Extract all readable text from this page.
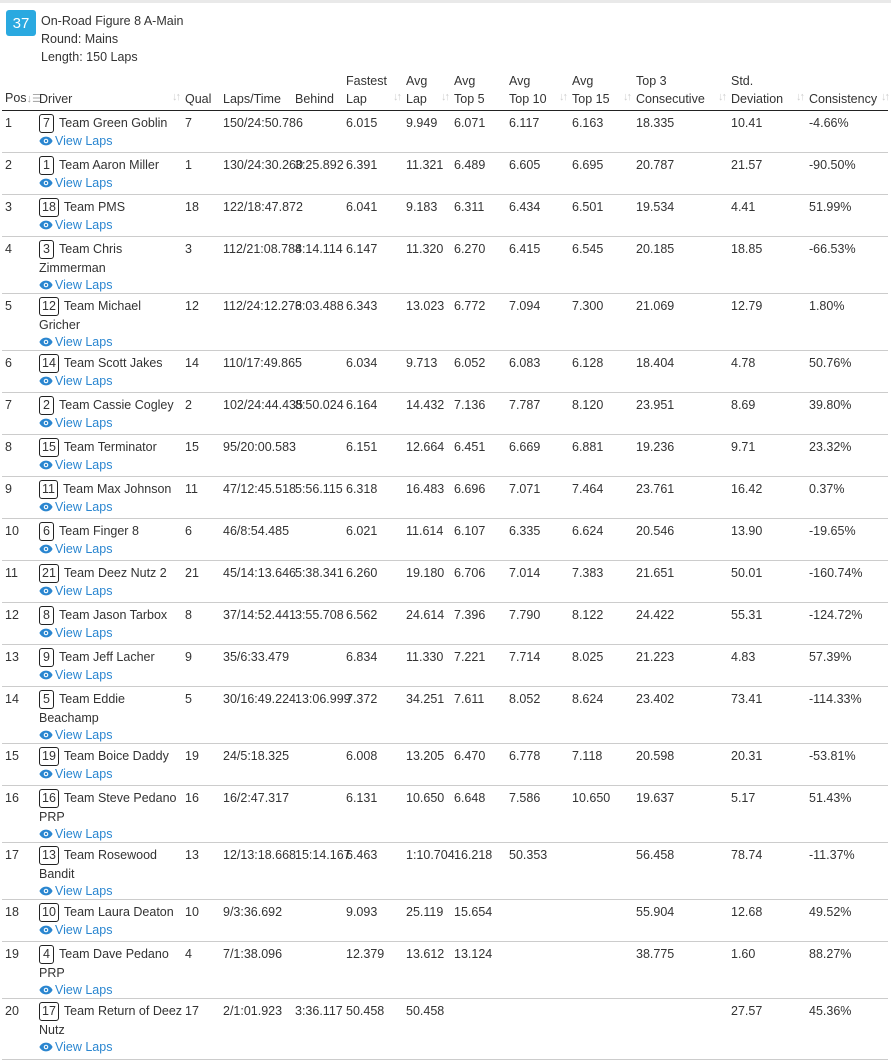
37 On-Road Figure 8 A-Main
Round: Mains
Length: 150 Laps
Pos↓☰	Driver ↓↑	Qual	Laps/Time	Behind	Fastest Lap ↓↑	Avg Lap ↓↑	Avg Top 5	Avg Top 10 ↓↑	Avg Top 15 ↓↑	Top 3 Consecutive ↓↑	Std. Deviation ↓↑	Consistency ↓↑

1	7 Team Green Goblin
View Laps	7	150/24:50.786		6.015	9.949	6.071	6.117	6.163	18.335	10.41	-4.66%
2	1 Team Aaron Miller
View Laps	1	130/24:30.260	3:25.892	6.391	11.321	6.489	6.605	6.695	20.787	21.57	-90.50%
3	18 Team PMS
View Laps	18	122/18:47.872		6.041	9.183	6.311	6.434	6.501	19.534	4.41	51.99%
4	3 Team Chris Zimmerman
View Laps	3	112/21:08.788	4:14.114	6.147	11.320	6.270	6.415	6.545	20.185	18.85	-66.53%
5	12 Team Michael Gricher
View Laps	12	112/24:12.276	3:03.488	6.343	13.023	6.772	7.094	7.300	21.069	12.79	1.80%
6	14 Team Scott Jakes
View Laps	14	110/17:49.865		6.034	9.713	6.052	6.083	6.128	18.404	4.78	50.76%
7	2 Team Cassie Cogley
View Laps	2	102/24:44.435	8:50.024	6.164	14.432	7.136	7.787	8.120	23.951	8.69	39.80%
8	15 Team Terminator
View Laps	15	95/20:00.583		6.151	12.664	6.451	6.669	6.881	19.236	9.71	23.32%
9	11 Team Max Johnson
View Laps	11	47/12:45.518	5:56.115	6.318	16.483	6.696	7.071	7.464	23.761	16.42	0.37%
10	6 Team Finger 8
View Laps	6	46/8:54.485		6.021	11.614	6.107	6.335	6.624	20.546	13.90	-19.65%
11	21 Team Deez Nutz 2
View Laps	21	45/14:13.646	5:38.341	6.260	19.180	6.706	7.014	7.383	21.651	50.01	-160.74%
12	8 Team Jason Tarbox
View Laps	8	37/14:52.441	3:55.708	6.562	24.614	7.396	7.790	8.122	24.422	55.31	-124.72%
13	9 Team Jeff Lacher
View Laps	9	35/6:33.479		6.834	11.330	7.221	7.714	8.025	21.223	4.83	57.39%
14	5 Team Eddie Beachamp
View Laps	5	30/16:49.224	13:06.999	7.372	34.251	7.611	8.052	8.624	23.402	73.41	-114.33%
15	19 Team Boice Daddy
View Laps	19	24/5:18.325		6.008	13.205	6.470	6.778	7.118	20.598	20.31	-53.81%
16	16 Team Steve Pedano PRP
View Laps	16	16/2:47.317		6.131	10.650	6.648	7.586	10.650	19.637	5.17	51.43%
17	13 Team Rosewood Bandit
View Laps	13	12/13:18.668	15:14.167	6.463	1:10.704	16.218	50.353		56.458	78.74	-11.37%
18	10 Team Laura Deaton
View Laps	10	9/3:36.692		9.093	25.119	15.654			55.904	12.68	49.52%
19	4 Team Dave Pedano PRP
View Laps	4	7/1:38.096		12.379	13.612	13.124			38.775	1.60	88.27%
20	17 Team Return of Deez Nutz
View Laps	17	2/1:01.923	3:36.117	50.458	50.458					27.57	45.36%
